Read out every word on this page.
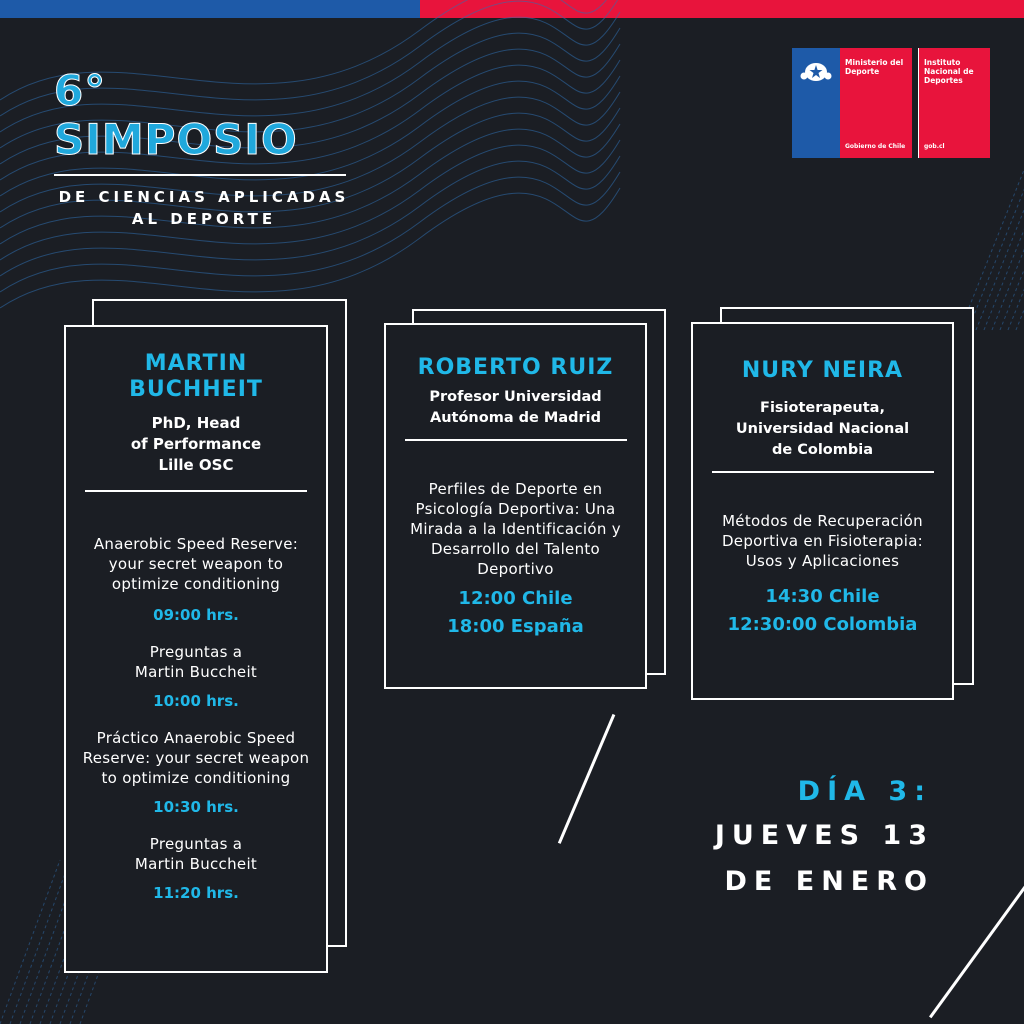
6° SIMPOSIO
DE CIENCIAS APLICADAS
AL DEPORTE
Ministerio del Deporte
Gobierno de Chile
Instituto Nacional de Deportes
gob.cl
MARTIN BUCHHEIT
PhD, Head
of Performance
Lille OSC
Anaerobic Speed Reserve: your secret weapon to optimize conditioning
09:00 hrs.
Preguntas a Martin Buccheit
10:00 hrs.
Práctico Anaerobic Speed Reserve: your secret weapon to optimize conditioning
10:30 hrs.
Preguntas a Martin Buccheit
11:20 hrs.
ROBERTO RUIZ
Profesor Universidad
Autónoma de Madrid
Perfiles de Deporte en Psicología Deportiva: Una Mirada a la Identificación y Desarrollo del Talento Deportivo
12:00 Chile
18:00 España
NURY NEIRA
Fisioterapeuta,
Universidad Nacional
de Colombia
Métodos de Recuperación Deportiva en Fisioterapia: Usos y Aplicaciones
14:30 Chile
12:30:00 Colombia
DÍA 3:
JUEVES 13
DE ENERO
